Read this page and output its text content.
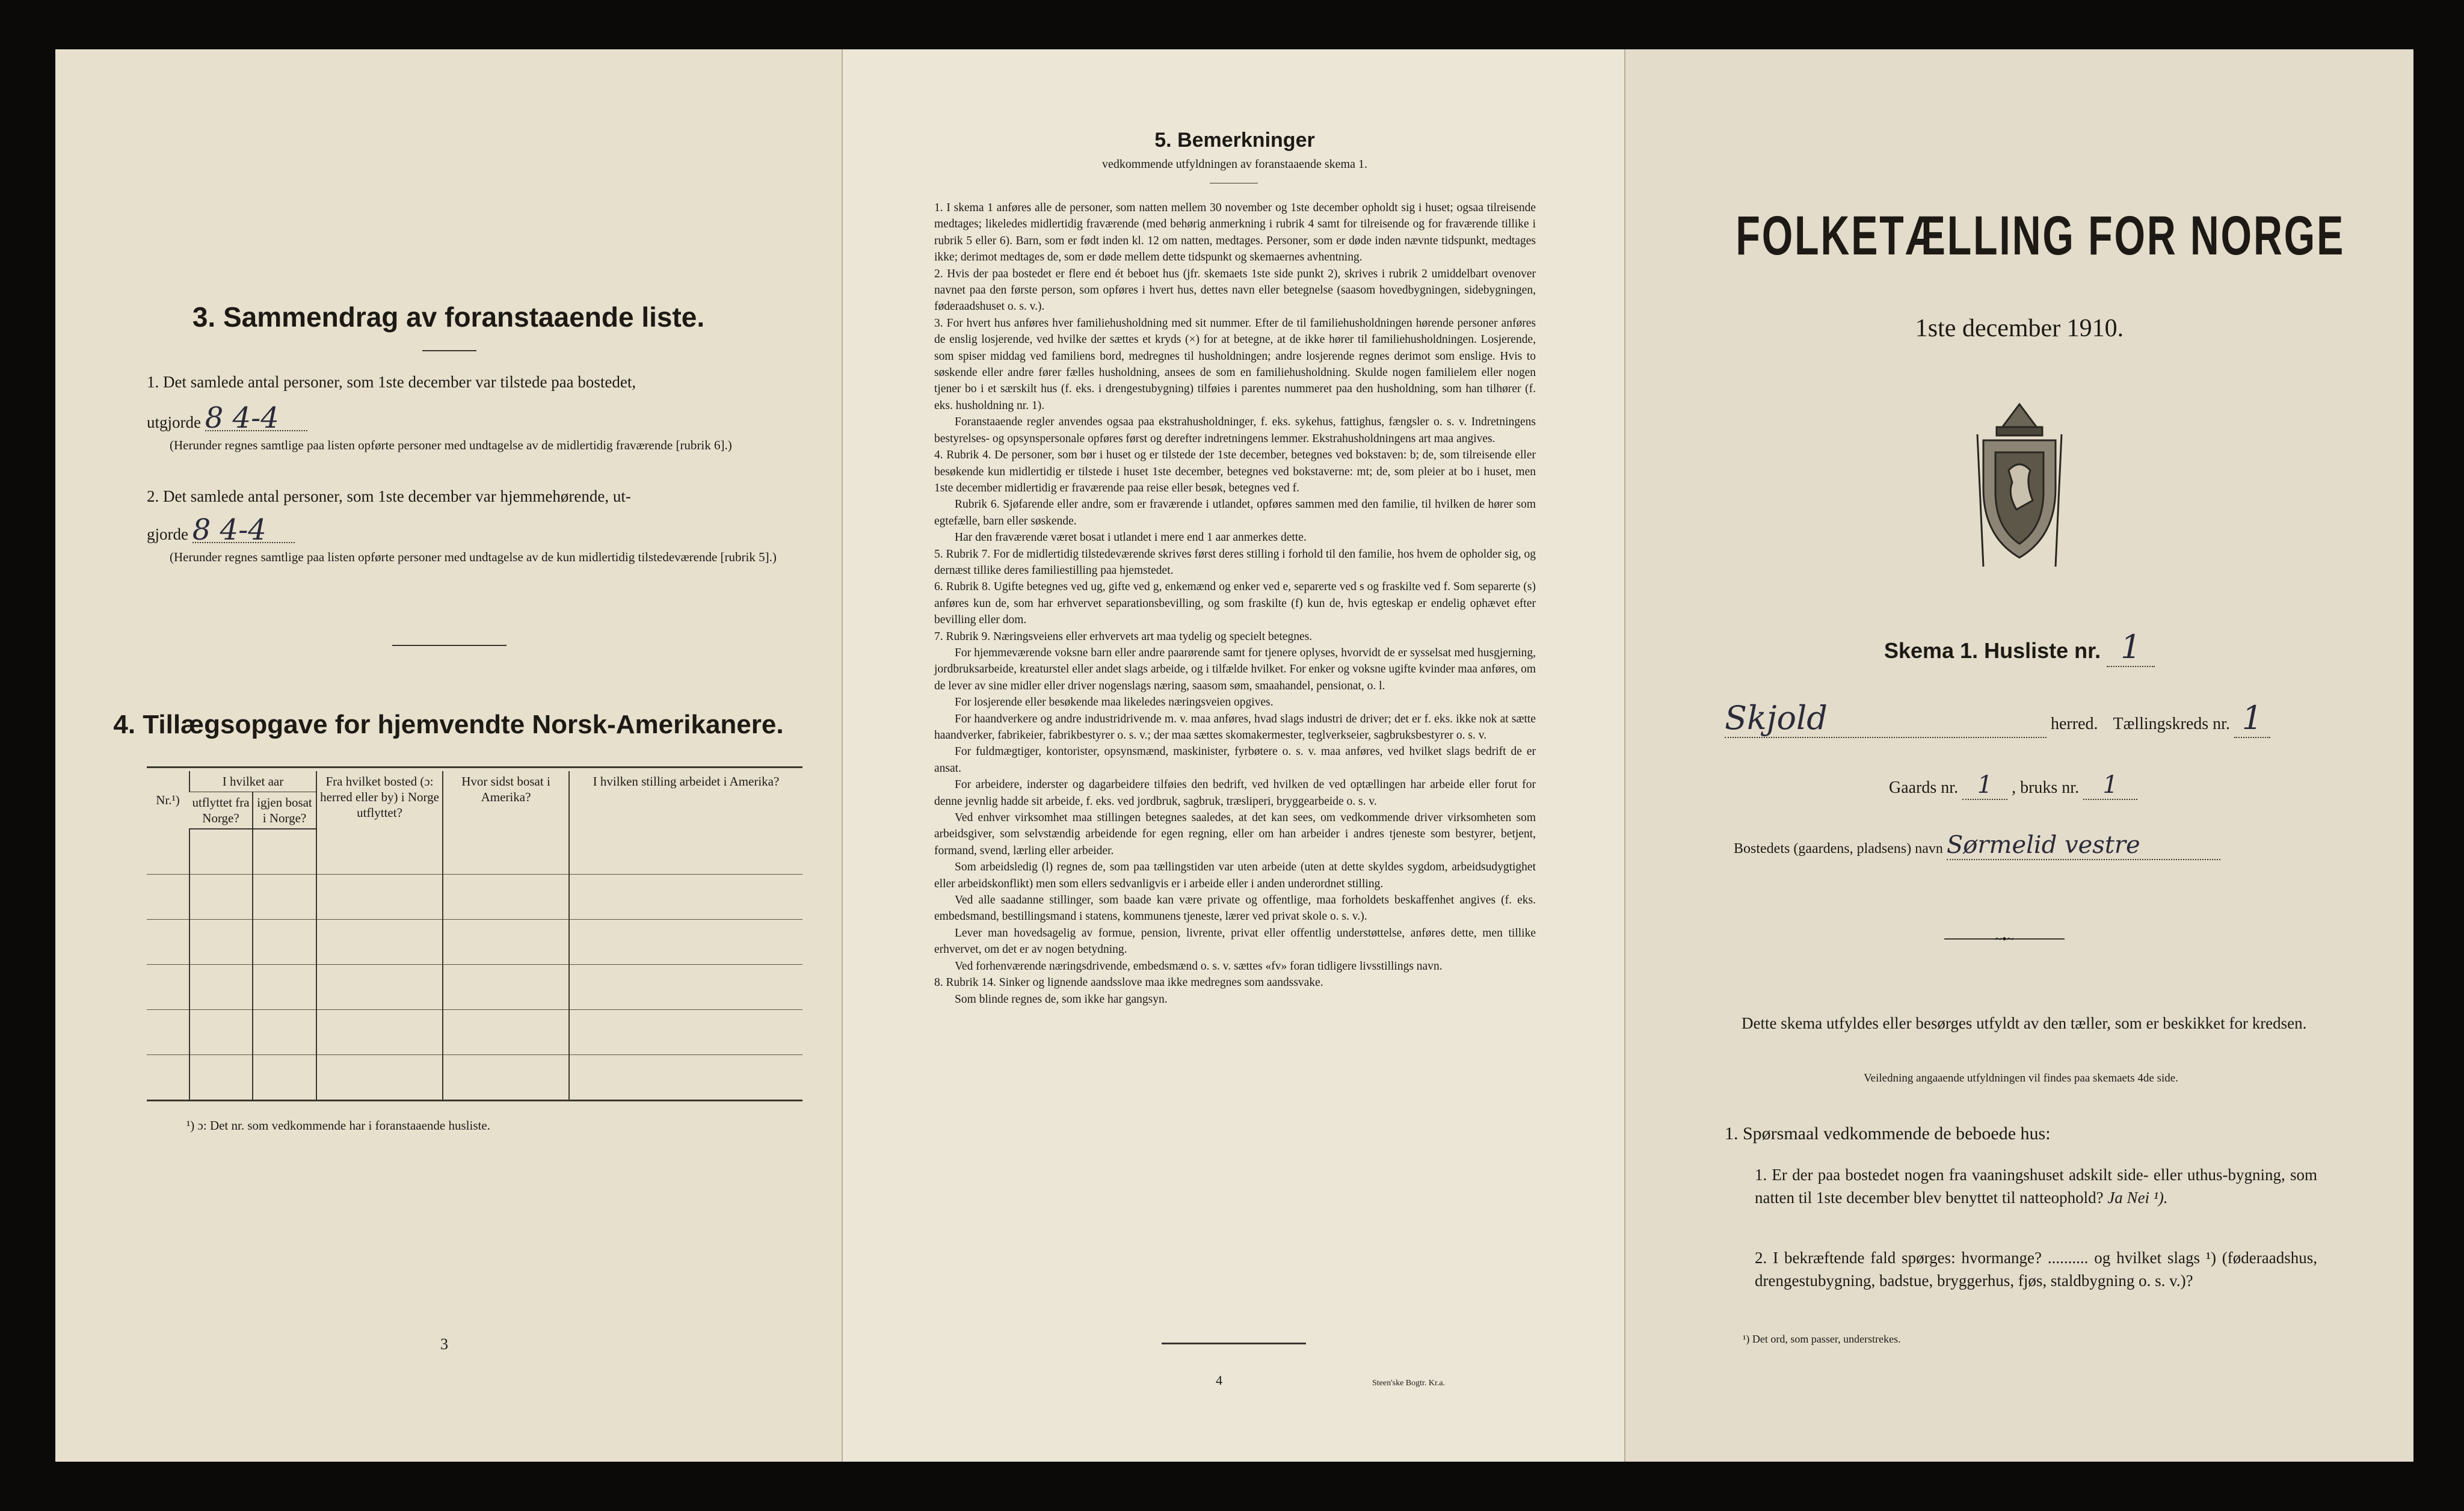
3. Sammendrag av foranstaaende liste.
1. Det samlede antal personer, som 1ste december var tilstede paa bostedet,
utgjorde 8 4-4
(Herunder regnes samtlige paa listen opførte personer med undtagelse av de midlertidig fraværende [rubrik 6].)
2. Det samlede antal personer, som 1ste december var hjemmehørende, ut-
gjorde 8 4-4
(Herunder regnes samtlige paa listen opførte personer med undtagelse av de kun midlertidig tilstedeværende [rubrik 5].)
4. Tillægsopgave for hjemvendte Norsk-Amerikanere.
Nr.¹)	I hvilket aar		Fra hvilket bosted (ɔ: herred eller by) i Norge utflyttet?	Hvor sidst bosat i Amerika?	I hvilken stilling arbeidet i Amerika?
	utflyttet fra Norge?	igjen bosat i Norge?			

¹) ɔ: Det nr. som vedkommende har i foranstaaende husliste.
3
5. Bemerkninger
vedkommende utfyldningen av foranstaaende skema 1.

1. I skema 1 anføres alle de personer, som natten mellem 30 november og 1ste december opholdt sig i huset; ogsaa tilreisende medtages; likeledes midlertidig fraværende (med behørig anmerkning i rubrik 4 samt for tilreisende og for fraværende tillike i rubrik 5 eller 6). Barn, som er født inden kl. 12 om natten, medtages. Personer, som er døde inden nævnte tidspunkt, medtages ikke; derimot medtages de, som er døde mellem dette tidspunkt og skemaernes avhentning.

2. Hvis der paa bostedet er flere end ét beboet hus (jfr. skemaets 1ste side punkt 2), skrives i rubrik 2 umiddelbart ovenover navnet paa den første person, som opføres i hvert hus, dettes navn eller betegnelse (saasom hovedbygningen, sidebygningen, føderaadshuset o. s. v.).

3. For hvert hus anføres hver familiehusholdning med sit nummer. Efter de til familiehusholdningen hørende personer anføres de enslig losjerende, ved hvilke der sættes et kryds (×) for at betegne, at de ikke hører til familiehusholdningen. Losjerende, som spiser middag ved familiens bord, medregnes til husholdningen; andre losjerende regnes derimot som enslige. Hvis to søskende eller andre fører fælles husholdning, ansees de som en familiehusholdning. Skulde nogen familielem eller nogen tjener bo i et særskilt hus (f. eks. i drengestubygning) tilføies i parentes nummeret paa den husholdning, som han tilhører (f. eks. husholdning nr. 1).

Foranstaaende regler anvendes ogsaa paa ekstrahusholdninger, f. eks. sykehus, fattighus, fængsler o. s. v. Indretningens bestyrelses- og opsynspersonale opføres først og derefter indretningens lemmer. Ekstrahusholdningens art maa angives.

4. Rubrik 4. De personer, som bør i huset og er tilstede der 1ste december, betegnes ved bokstaven: b; de, som tilreisende eller besøkende kun midlertidig er tilstede i huset 1ste december, betegnes ved bokstaverne: mt; de, som pleier at bo i huset, men 1ste december midlertidig er fraværende paa reise eller besøk, betegnes ved f.

Rubrik 6. Sjøfarende eller andre, som er fraværende i utlandet, opføres sammen med den familie, til hvilken de hører som egtefælle, barn eller søskende.

Har den fraværende været bosat i utlandet i mere end 1 aar anmerkes dette.

5. Rubrik 7. For de midlertidig tilstedeværende skrives først deres stilling i forhold til den familie, hos hvem de opholder sig, og dernæst tillike deres familiestilling paa hjemstedet.

6. Rubrik 8. Ugifte betegnes ved ug, gifte ved g, enkemænd og enker ved e, separerte ved s og fraskilte ved f. Som separerte (s) anføres kun de, som har erhvervet separationsbevilling, og som fraskilte (f) kun de, hvis egteskap er endelig ophævet efter bevilling eller dom.

7. Rubrik 9. Næringsveiens eller erhvervets art maa tydelig og specielt betegnes.

For hjemmeværende voksne barn eller andre paarørende samt for tjenere oplyses, hvorvidt de er sysselsat med husgjerning, jordbruksarbeide, kreaturstel eller andet slags arbeide, og i tilfælde hvilket. For enker og voksne ugifte kvinder maa anføres, om de lever av sine midler eller driver nogenslags næring, saasom søm, smaahandel, pensionat, o. l.

For losjerende eller besøkende maa likeledes næringsveien opgives.

For haandverkere og andre industridrivende m. v. maa anføres, hvad slags industri de driver; det er f. eks. ikke nok at sætte haandverker, fabrikeier, fabrikbestyrer o. s. v.; der maa sættes skomakermester, teglverkseier, sagbruksbestyrer o. s. v.

For fuldmægtiger, kontorister, opsynsmænd, maskinister, fyrbøtere o. s. v. maa anføres, ved hvilket slags bedrift de er ansat.

For arbeidere, inderster og dagarbeidere tilføies den bedrift, ved hvilken de ved optællingen har arbeide eller forut for denne jevnlig hadde sit arbeide, f. eks. ved jordbruk, sagbruk, træsliperi, bryggearbeide o. s. v.

Ved enhver virksomhet maa stillingen betegnes saaledes, at det kan sees, om vedkommende driver virksomheten som arbeidsgiver, som selvstændig arbeidende for egen regning, eller om han arbeider i andres tjeneste som bestyrer, betjent, formand, svend, lærling eller arbeider.

Som arbeidsledig (l) regnes de, som paa tællingstiden var uten arbeide (uten at dette skyldes sygdom, arbeidsudygtighet eller arbeidskonflikt) men som ellers sedvanligvis er i arbeide eller i anden underordnet stilling.

Ved alle saadanne stillinger, som baade kan være private og offentlige, maa forholdets beskaffenhet angives (f. eks. embedsmand, bestillingsmand i statens, kommunens tjeneste, lærer ved privat skole o. s. v.).

Lever man hovedsagelig av formue, pension, livrente, privat eller offentlig understøttelse, anføres dette, men tillike erhvervet, om det er av nogen betydning.

Ved forhenværende næringsdrivende, embedsmænd o. s. v. sættes «fv» foran tidligere livsstillings navn.

8. Rubrik 14. Sinker og lignende aandsslove maa ikke medregnes som aandssvake.

Som blinde regnes de, som ikke har gangsyn.

4	Steen'ske Bogtr. Kr.a.
FOLKETÆLLING FOR NORGE
1ste december 1910.
Skema 1. Husliste nr. 1
Skjold	herred. Tællingskreds nr. 1
Gaards nr. 1 , bruks nr. 1
Bostedets (gaardens, pladsens) navn Sørmelid vestre
~•~
Dette skema utfyldes eller besørges utfyldt av den tæller, som er beskikket for kredsen.
Veiledning angaaende utfyldningen vil findes paa skemaets 4de side.
1. Spørsmaal vedkommende de beboede hus:
1. Er der paa bostedet nogen fra vaaningshuset adskilt side- eller uthus-bygning, som natten til 1ste december blev benyttet til natteophold? Ja Nei ¹).
2. I bekræftende fald spørges: hvormange? .......... og hvilket slags ¹) (føderaadshus, drengestubygning, badstue, bryggerhus, fjøs, staldbygning o. s. v.)?
¹) Det ord, som passer, understrekes.
